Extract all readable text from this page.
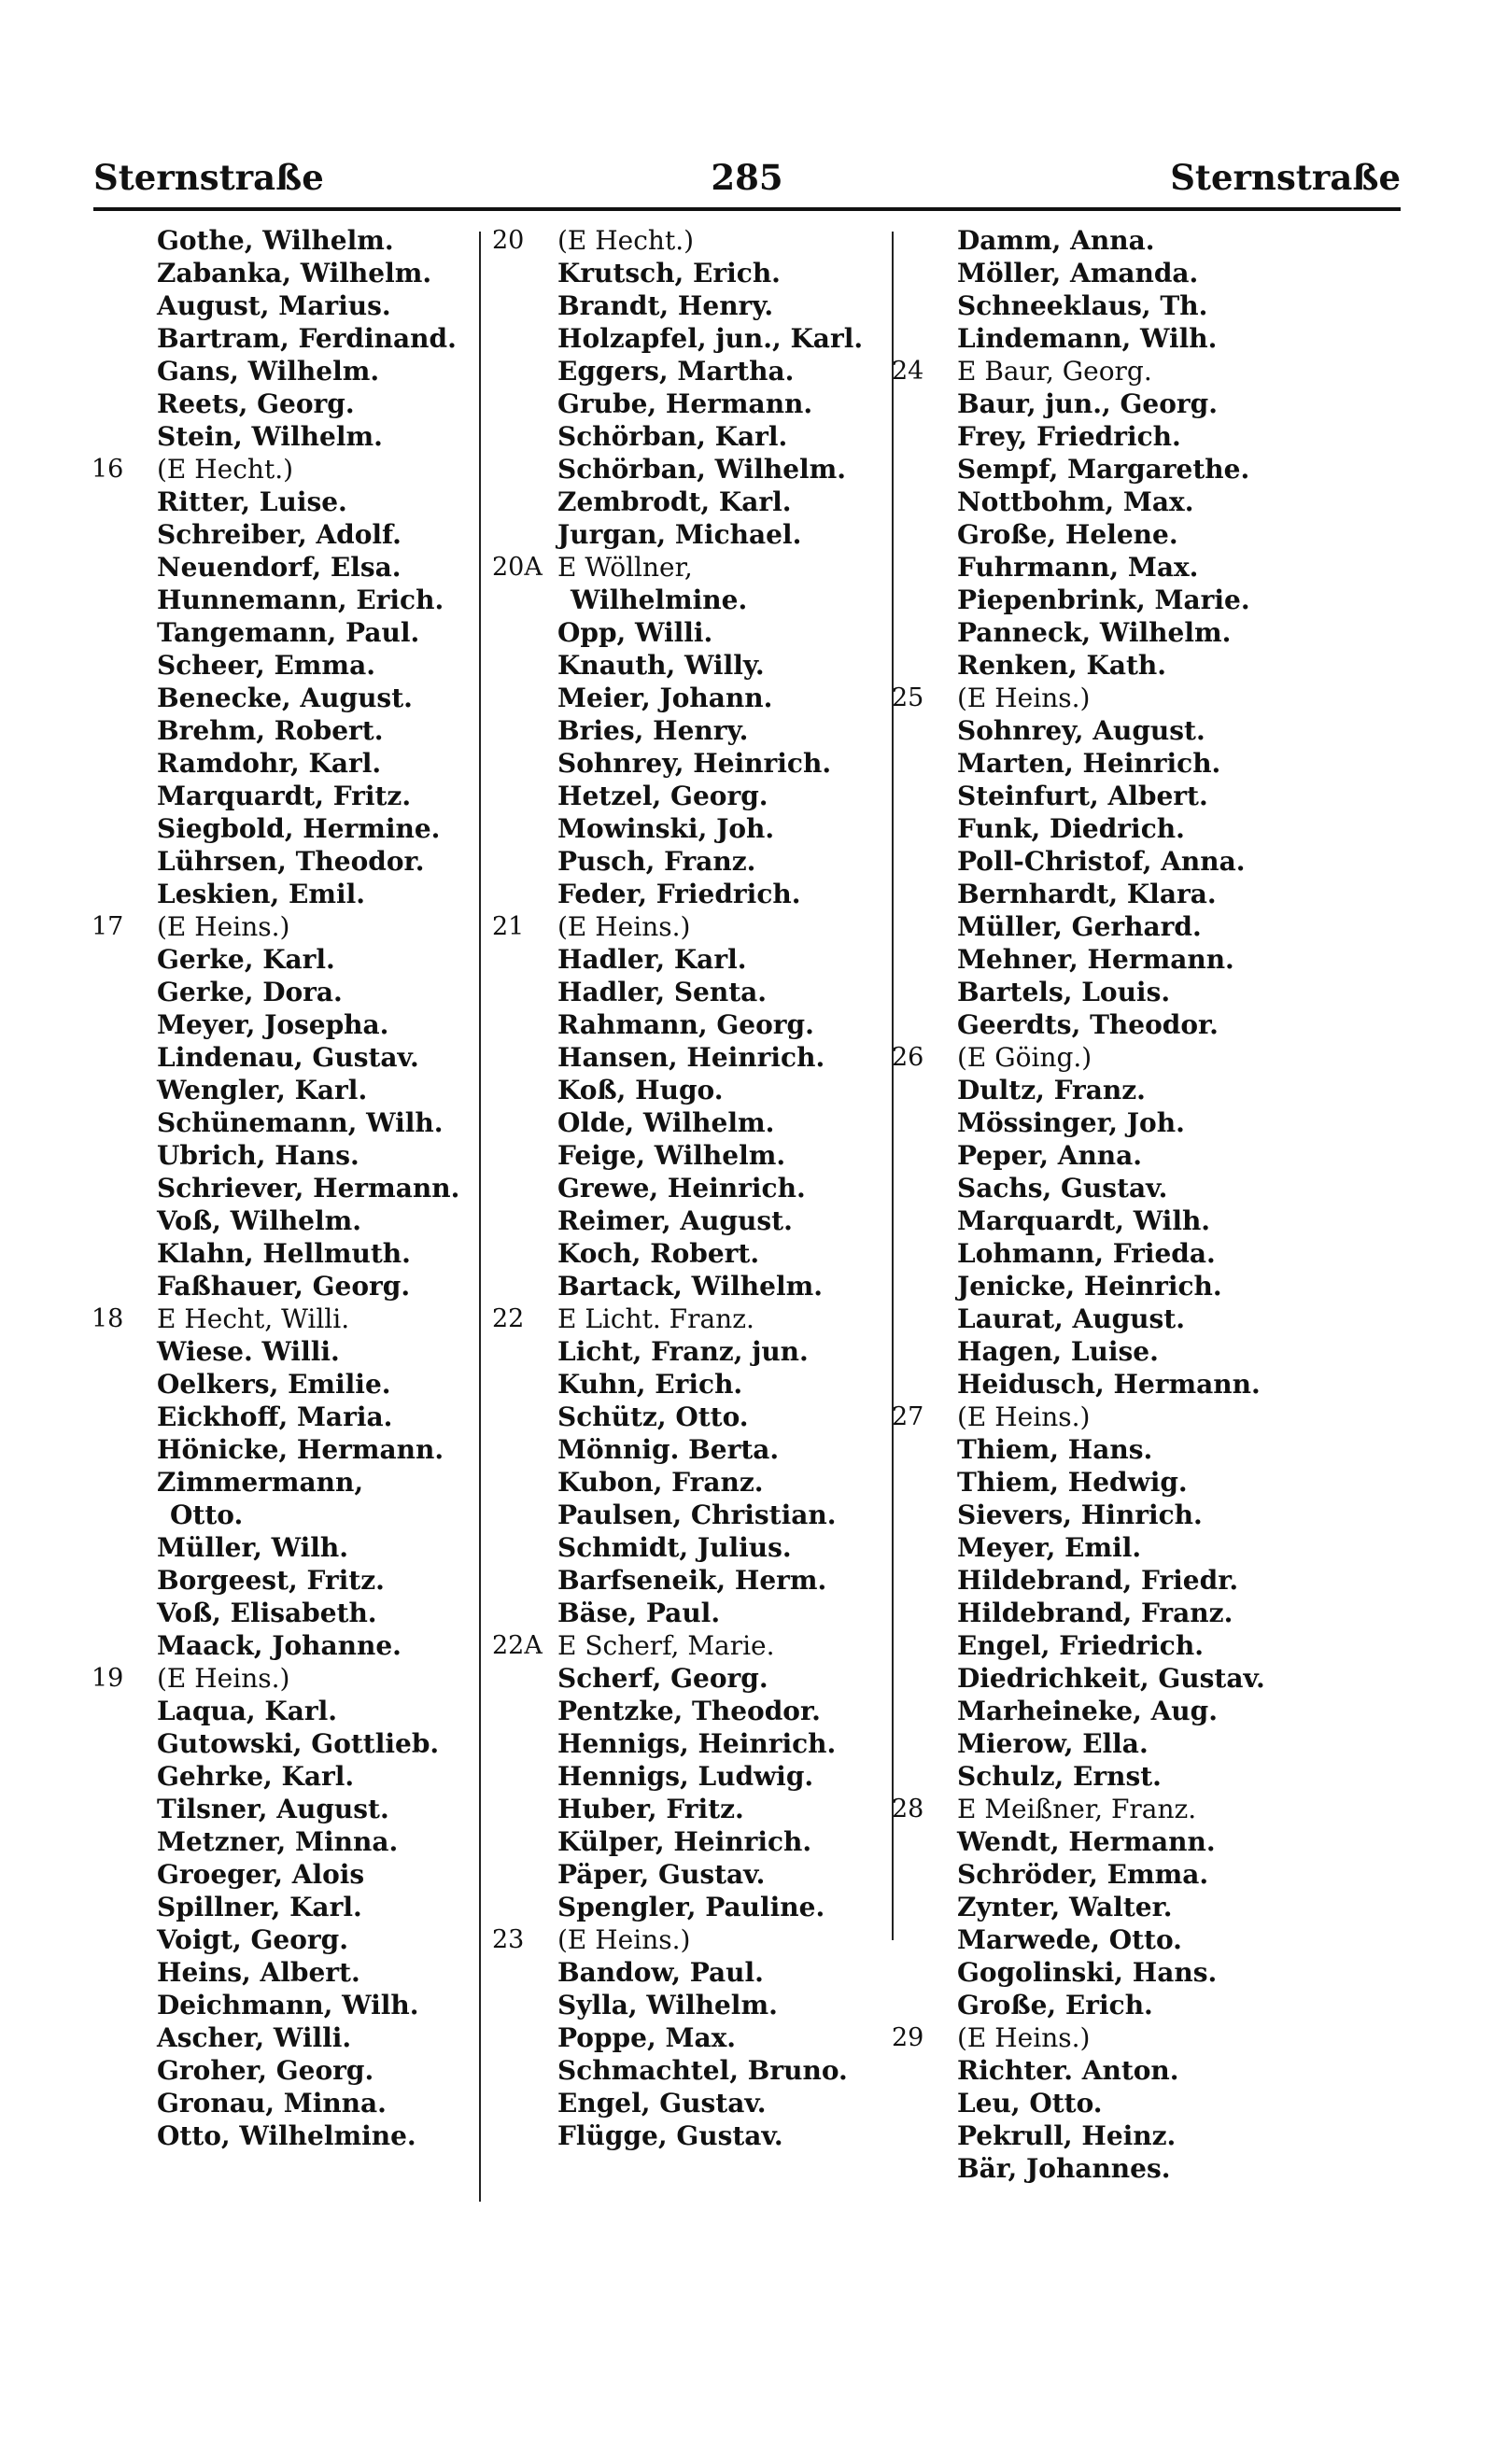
Sternstraße	285	Sternstraße
Gothe, Wilhelm.
Zabanka, Wilhelm.
August, Marius.
Bartram, Ferdinand.
Gans, Wilhelm.
Reets, Georg.
Stein, Wilhelm.
16	(E Hecht.)
Ritter, Luise.
Schreiber, Adolf.
Neuendorf, Elsa.
Hunnemann, Erich.
Tangemann, Paul.
Scheer, Emma.
Benecke, August.
Brehm, Robert.
Ramdohr, Karl.
Marquardt, Fritz.
Siegbold, Hermine.
Lührsen, Theodor.
Leskien, Emil.
17	(E Heins.)
Gerke, Karl.
Gerke, Dora.
Meyer, Josepha.
Lindenau, Gustav.
Wengler, Karl.
Schünemann, Wilh.
Ubrich, Hans.
Schriever, Hermann.
Voß, Wilhelm.
Klahn, Hellmuth.
Faßhauer, Georg.
18	E Hecht, Willi.
Wiese. Willi.
Oelkers, Emilie.
Eickhoff, Maria.
Hönicke, Hermann.
Zimmermann,
Otto.
Müller, Wilh.
Borgeest, Fritz.
Voß, Elisabeth.
Maack, Johanne.
19	(E Heins.)
Laqua, Karl.
Gutowski, Gottlieb.
Gehrke, Karl.
Tilsner, August.
Metzner, Minna.
Groeger, Alois
Spillner, Karl.
Voigt, Georg.
Heins, Albert.
Deichmann, Wilh.
Ascher, Willi.
Groher, Georg.
Gronau, Minna.
Otto, Wilhelmine.
20	(E Hecht.)
Krutsch, Erich.
Brandt, Henry.
Holzapfel, jun., Karl.
Eggers, Martha.
Grube, Hermann.
Schörban, Karl.
Schörban, Wilhelm.
Zembrodt, Karl.
Jurgan, Michael.
20A E Wöllner,
Wilhelmine.
Opp, Willi.
Knauth, Willy.
Meier, Johann.
Bries, Henry.
Sohnrey, Heinrich.
Hetzel, Georg.
Mowinski, Joh.
Pusch, Franz.
Feder, Friedrich.
21	(E Heins.)
Hadler, Karl.
Hadler, Senta.
Rahmann, Georg.
Hansen, Heinrich.
Koß, Hugo.
Olde, Wilhelm.
Feige, Wilhelm.
Grewe, Heinrich.
Reimer, August.
Koch, Robert.
Bartack, Wilhelm.
22	E Licht. Franz.
Licht, Franz, jun.
Kuhn, Erich.
Schütz, Otto.
Mönnig. Berta.
Kubon, Franz.
Paulsen, Christian.
Schmidt, Julius.
Barfseneik, Herm.
Bäse, Paul.
22A E Scherf, Marie.
Scherf, Georg.
Pentzke, Theodor.
Hennigs, Heinrich.
Hennigs, Ludwig.
Huber, Fritz.
Külper, Heinrich.
Päper, Gustav.
Spengler, Pauline.
23	(E Heins.)
Bandow, Paul.
Sylla, Wilhelm.
Poppe, Max.
Schmachtel, Bruno.
Engel, Gustav.
Flügge, Gustav.
Damm, Anna.
Möller, Amanda.
Schneeklaus, Th.
Lindemann, Wilh.
24	E Baur, Georg.
Baur, jun., Georg.
Frey, Friedrich.
Sempf, Margarethe.
Nottbohm, Max.
Große, Helene.
Fuhrmann, Max.
Piepenbrink, Marie.
Panneck, Wilhelm.
Renken, Kath.
25	(E Heins.)
Sohnrey, August.
Marten, Heinrich.
Steinfurt, Albert.
Funk, Diedrich.
Poll-Christof, Anna.
Bernhardt, Klara.
Müller, Gerhard.
Mehner, Hermann.
Bartels, Louis.
Geerdts, Theodor.
26	(E Göing.)
Dultz, Franz.
Mössinger, Joh.
Peper, Anna.
Sachs, Gustav.
Marquardt, Wilh.
Lohmann, Frieda.
Jenicke, Heinrich.
Laurat, August.
Hagen, Luise.
Heidusch, Hermann.
27	(E Heins.)
Thiem, Hans.
Thiem, Hedwig.
Sievers, Hinrich.
Meyer, Emil.
Hildebrand, Friedr.
Hildebrand, Franz.
Engel, Friedrich.
Diedrichkeit, Gustav.
Marheineke, Aug.
Mierow, Ella.
Schulz, Ernst.
28	E Meißner, Franz.
Wendt, Hermann.
Schröder, Emma.
Zynter, Walter.
Marwede, Otto.
Gogolinski, Hans.
Große, Erich.
29	(E Heins.)
Richter. Anton.
Leu, Otto.
Pekrull, Heinz.
Bär, Johannes.
